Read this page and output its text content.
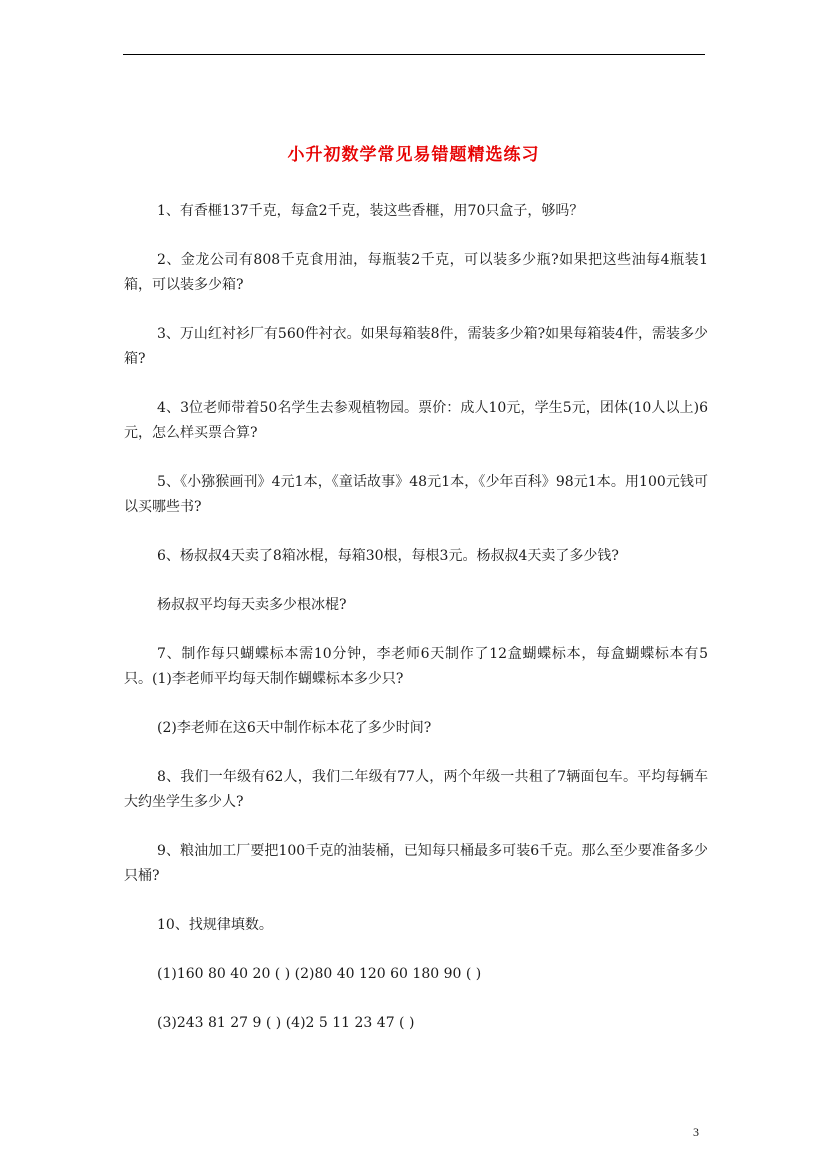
小升初数学常见易错题精选练习

1、有香榧137千克，每盒2千克，装这些香榧，用70只盒子，够吗？

2、金龙公司有808千克食用油，每瓶装2千克，可以装多少瓶?如果把这些油每4瓶装1箱，可以装多少箱?

3、万山红衬衫厂有560件衬衣。如果每箱装8件，需装多少箱?如果每箱装4件，需装多少箱?

4、3位老师带着50名学生去参观植物园。票价：成人10元，学生5元，团体(10人以上)6元，怎么样买票合算?

5、《小猕猴画刊》4元1本，《童话故事》48元1本，《少年百科》98元1本。用100元钱可以买哪些书?

6、杨叔叔4天卖了8箱冰棍，每箱30根，每根3元。杨叔叔4天卖了多少钱?

杨叔叔平均每天卖多少根冰棍?

7、制作每只蝴蝶标本需10分钟，李老师6天制作了12盒蝴蝶标本，每盒蝴蝶标本有5只。(1)李老师平均每天制作蝴蝶标本多少只?

(2)李老师在这6天中制作标本花了多少时间?

8、我们一年级有62人，我们二年级有77人，两个年级一共租了7辆面包车。平均每辆车大约坐学生多少人?

9、粮油加工厂要把100千克的油装桶，已知每只桶最多可装6千克。那么至少要准备多少只桶?

10、找规律填数。

(1)160 80 40 20 ( ) (2)80 40 120 60 180 90 ( )

(3)243 81 27 9 ( ) (4)2 5 11 23 47 ( )

3
